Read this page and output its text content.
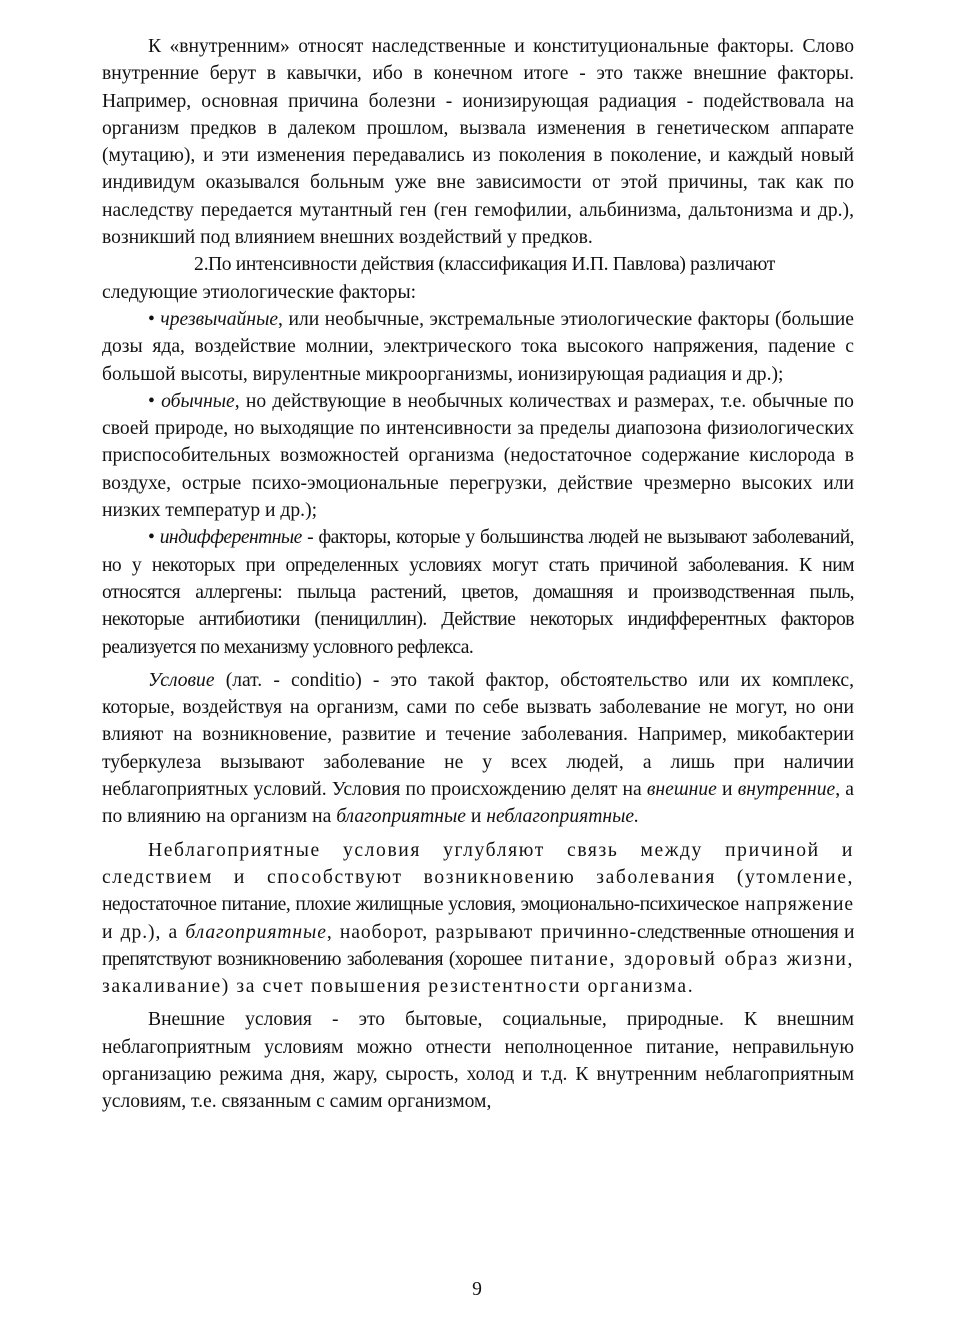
К «внутренним» относят наследственные и конституциональные факторы. Слово внутренние берут в кавычки, ибо в конечном итоге - это также внешние факторы. Например, основная причина болезни - ионизирующая радиация - подействовала на организм предков в далеком прошлом, вызвала изменения в генетическом аппарате (мутацию), и эти изменения передавались из поколения в поколение, и каждый новый индивидум оказывался больным уже вне зависимости от этой причины, так как по наследству передается мутантный ген (ген гемофилии, альбинизма, дальтонизма и др.), возникший под влиянием внешних воздействий у предков.

2.По интенсивности действия (классификация И.П. Павлова) различают

следующие этиологические факторы:

• чрезвычайные, или необычные, экстремальные этиологические факторы (большие дозы яда, воздействие молнии, электрического тока высокого напряжения, падение с большой высоты, вирулентные микроорганизмы, ионизирующая радиация и др.);

• обычные, но действующие в необычных количествах и размерах, т.е. обычные по своей природе, но выходящие по интенсивности за пределы диапозона физиологических приспособительных возможностей организма (недостаточное содержание кислорода в воздухе, острые психо-эмоциональные перегрузки, действие чрезмерно высоких или низких температур и др.);

• индифферентные - факторы, которые у большинства людей не вызывают заболеваний, но у некоторых при определенных условиях могут стать причиной заболевания. К ним относятся аллергены: пыльца растений, цветов, домашняя и производственная пыль, некоторые антибиотики (пенициллин). Действие некоторых индифферентных факторов реализуется по механизму условного рефлекса.

Условие (лат. - conditio) - это такой фактор, обстоятельство или их комплекс, которые, воздействуя на организм, сами по себе вызвать заболевание не могут, но они влияют на возникновение, развитие и течение заболевания. Например, микобактерии туберкулеза вызывают заболевание не у всех людей, а лишь при наличии неблагоприятных условий. Условия по происхождению делят на внешние и внутренние, а по влиянию на организм на благоприятные и неблагоприятные.

Неблагоприятные условия углубляют связь между причиной и следствием и способствуют возникновению заболевания (утомление, недостаточное питание, плохие жилищные условия, эмоционально-психическое напряжение и др.), а благоприятные, наоборот, разрывают причинно-следственные отношения и препятствуют возникновению заболевания (хорошее питание, здоровый образ жизни, закаливание) за счет повышения резистентности организма.

Внешние условия - это бытовые, социальные, природные. К внешним неблагоприятным условиям можно отнести неполноценное питание, неправильную организацию режима дня, жару, сырость, холод и т.д. К внутренним неблагоприятным условиям, т.е. связанным с самим организмом,

9
